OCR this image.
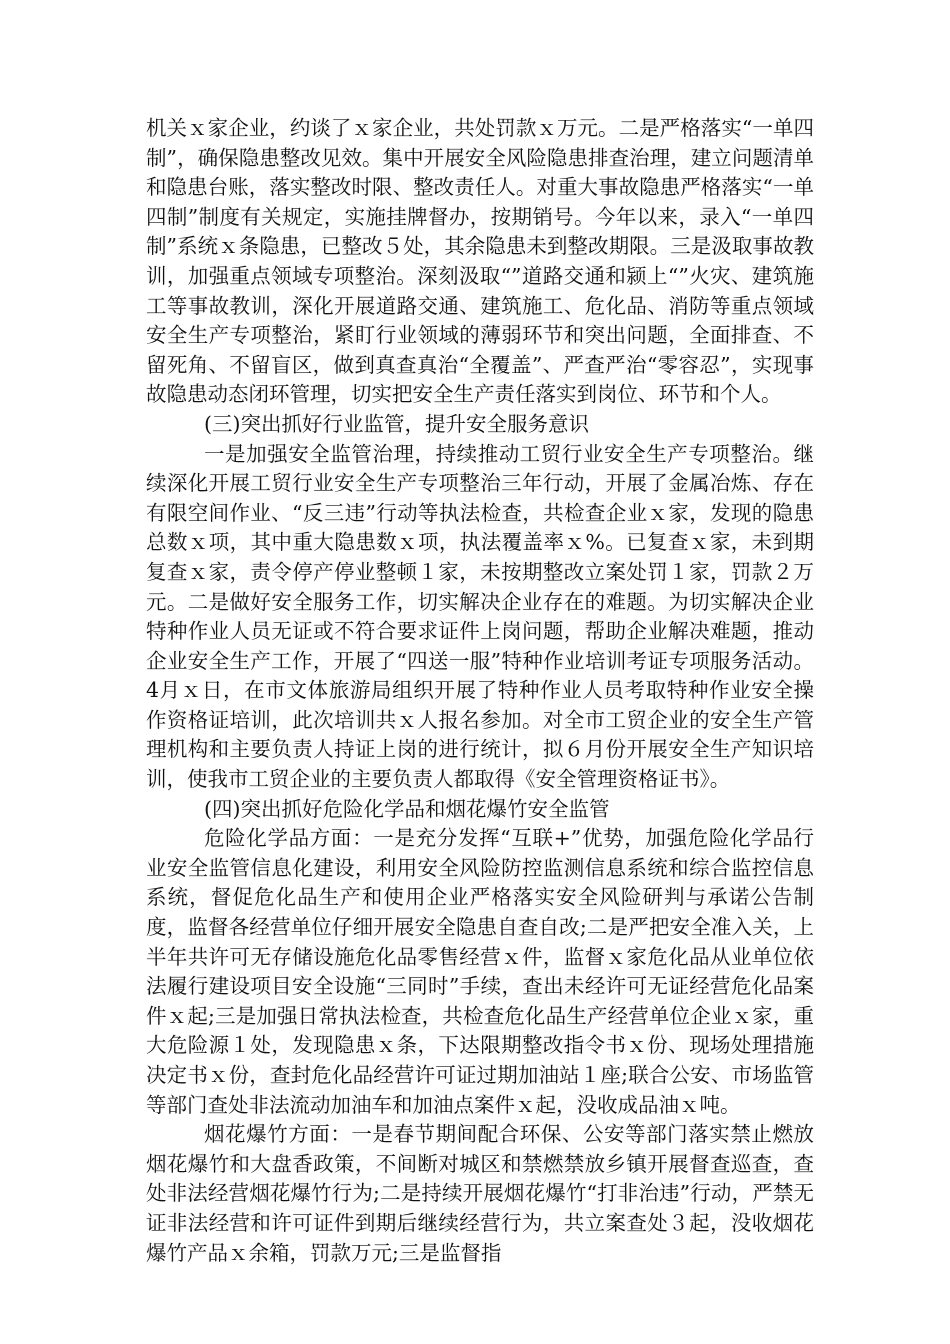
机关ｘ家企业，约谈了ｘ家企业，共处罚款ｘ万元。二是严格落实“一单四制”，确保隐患整改见效。集中开展安全风险隐患排查治理，建立问题清单和隐患台账，落实整改时限、整改责任人。对重大事故隐患严格落实“一单四制”制度有关规定，实施挂牌督办，按期销号。今年以来，录入“一单四制”系统ｘ条隐患，已整改５处，其余隐患未到整改期限。三是汲取事故教训，加强重点领域专项整治。深刻汲取“”道路交通和颍上“”火灾、建筑施工等事故教训，深化开展道路交通、建筑施工、危化品、消防等重点领域安全生产专项整治，紧盯行业领域的薄弱环节和突出问题，全面排查、不留死角、不留盲区，做到真查真治“全覆盖”、严查严治“零容忍”，实现事故隐患动态闭环管理，切实把安全生产责任落实到岗位、环节和个人。

(三)突出抓好行业监管，提升安全服务意识

一是加强安全监管治理，持续推动工贸行业安全生产专项整治。继续深化开展工贸行业安全生产专项整治三年行动，开展了金属冶炼、存在有限空间作业、“反三违”行动等执法检查，共检查企业ｘ家，发现的隐患总数ｘ项，其中重大隐患数ｘ项，执法覆盖率ｘ%。已复查ｘ家，未到期复查ｘ家，责令停产停业整顿１家，未按期整改立案处罚１家，罚款２万元。二是做好安全服务工作，切实解决企业存在的难题。为切实解决企业特种作业人员无证或不符合要求证件上岗问题，帮助企业解决难题，推动企业安全生产工作，开展了“四送一服”特种作业培训考证专项服务活动。4月ｘ日，在市文体旅游局组织开展了特种作业人员考取特种作业安全操作资格证培训，此次培训共ｘ人报名参加。对全市工贸企业的安全生产管理机构和主要负责人持证上岗的进行统计，拟６月份开展安全生产知识培训，使我市工贸企业的主要负责人都取得《安全管理资格证书》。

(四)突出抓好危险化学品和烟花爆竹安全监管

危险化学品方面：一是充分发挥“互联+”优势，加强危险化学品行业安全监管信息化建设，利用安全风险防控监测信息系统和综合监控信息系统，督促危化品生产和使用企业严格落实安全风险研判与承诺公告制度，监督各经营单位仔细开展安全隐患自查自改;二是严把安全准入关，上半年共许可无存储设施危化品零售经营ｘ件，监督ｘ家危化品从业单位依法履行建设项目安全设施“三同时”手续，查出未经许可无证经营危化品案件ｘ起;三是加强日常执法检查，共检查危化品生产经营单位企业ｘ家，重大危险源１处，发现隐患ｘ条，下达限期整改指令书ｘ份、现场处理措施决定书ｘ份，查封危化品经营许可证过期加油站１座;联合公安、市场监管等部门查处非法流动加油车和加油点案件ｘ起，没收成品油ｘ吨。

烟花爆竹方面：一是春节期间配合环保、公安等部门落实禁止燃放烟花爆竹和大盘香政策，不间断对城区和禁燃禁放乡镇开展督查巡查，查处非法经营烟花爆竹行为;二是持续开展烟花爆竹“打非治违”行动，严禁无证非法经营和许可证件到期后继续经营行为，共立案查处３起，没收烟花爆竹产品ｘ余箱，罚款万元;三是监督指
